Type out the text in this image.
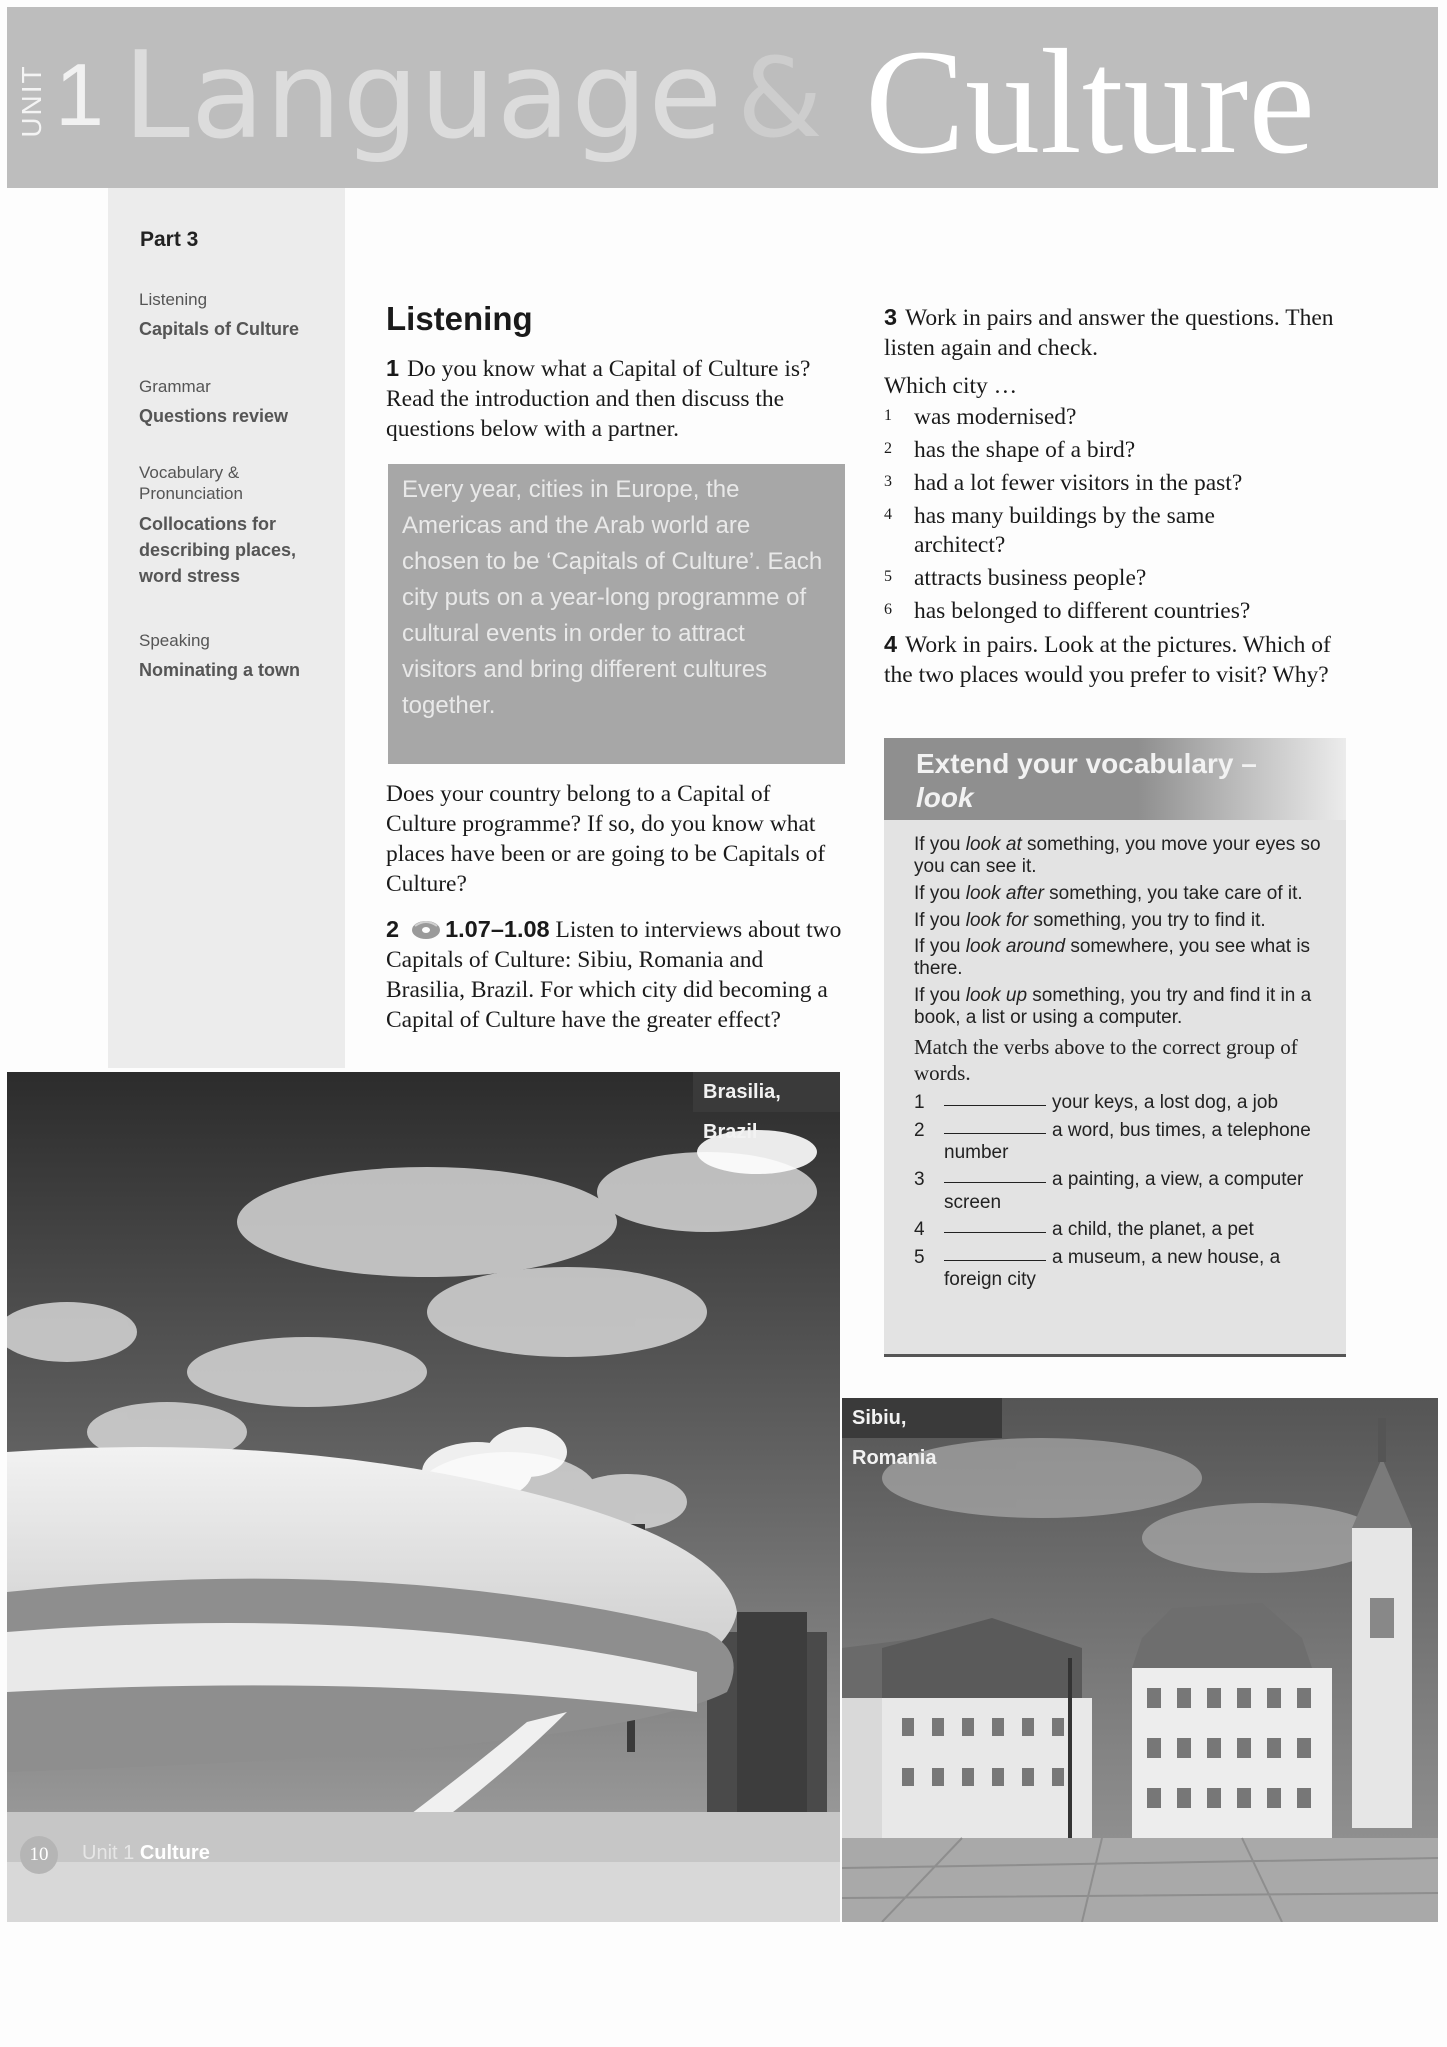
UNIT 1 Language & Culture
Part 3
Listening
Capitals of Culture
Grammar
Questions review
Vocabulary & Pronunciation
Collocations for describing places, word stress
Speaking
Nominating a town
Listening
1 Do you know what a Capital of Culture is? Read the introduction and then discuss the questions below with a partner.
Every year, cities in Europe, the Americas and the Arab world are chosen to be ‘Capitals of Culture’. Each city puts on a year-long programme of cultural events in order to attract visitors and bring different cultures together.
Does your country belong to a Capital of Culture programme? If so, do you know what places have been or are going to be Capitals of Culture?
2 1.07–1.08 Listen to interviews about two Capitals of Culture: Sibiu, Romania and Brasilia, Brazil. For which city did becoming a Capital of Culture have the greater effect?
3 Work in pairs and answer the questions. Then listen again and check.
Which city …
1 was modernised?
2 has the shape of a bird?
3 had a lot fewer visitors in the past?
4 has many buildings by the same architect?
5 attracts business people?
6 has belonged to different countries?
4 Work in pairs. Look at the pictures. Which of the two places would you prefer to visit? Why?
Extend your vocabulary –
look
If you look at something, you move your eyes so you can see it.
If you look after something, you take care of it.
If you look for something, you try to find it.
If you look around somewhere, you see what is there.
If you look up something, you try and find it in a book, a list or using a computer.
Match the verbs above to the correct group of words.
1	your keys, a lost dog, a job
2	a word, bus times, a telephone number
3	a painting, a view, a computer screen
4	a child, the planet, a pet
5	a museum, a new house, a foreign city
Brasilia, Brazil
Sibiu, Romania
10	Unit 1 Culture
